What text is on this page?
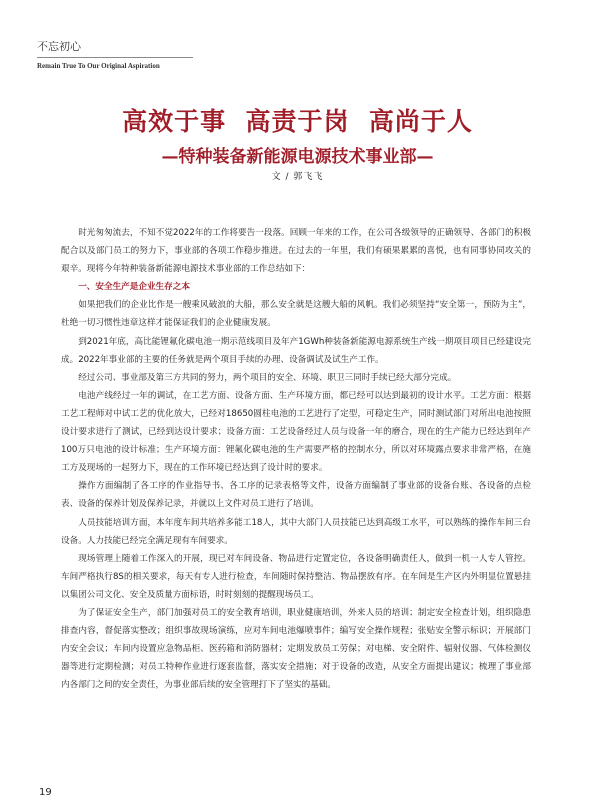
不忘初心
Remain True To Our Original Aspiration
高效于事  高责于岗  高尚于人
—特种装备新能源电源技术事业部—
文 / 郭飞飞

时光匆匆流去，不知不觉2022年的工作将要告一段落。回顾一年来的工作，在公司各级领导的正确领导、各部门的积极配合以及部门员工的努力下，事业部的各项工作稳步推进。在过去的一年里，我们有硕果累累的喜悦，也有同事协同攻关的艰辛。现将今年特种装备新能源电源技术事业部的工作总结如下：

一、安全生产是企业生存之本

如果把我们的企业比作是一艘乘风破浪的大船，那么安全就是这艘大船的风帆。我们必须坚持“安全第一，预防为主”，杜绝一切习惯性违章这样才能保证我们的企业健康发展。

到2021年底，高比能锂氟化碳电池一期示范线项目及年产1GWh种装备新能源电源系统生产线一期项目项目已经建设完成。2022年事业部的主要的任务就是两个项目手续的办理、设备调试及试生产工作。

经过公司、事业部及第三方共同的努力，两个项目的安全、环境、职卫三同时手续已经大部分完成。

电池产线经过一年的调试，在工艺方面、设备方面、生产环境方面，都已经可以达到最初的设计水平。工艺方面：根据工艺工程师对中试工艺的优化放大，已经对18650圆柱电池的工艺进行了定型，可稳定生产，同时测试部门对所出电池按照设计要求进行了测试，已经到达设计要求；设备方面：工艺设备经过人员与设备一年的磨合，现在的生产能力已经达到年产100万只电池的设计标准；生产环境方面：锂氟化碳电池的生产需要严格的控制水分，所以对环境露点要求非常严格，在施工方及现场的一起努力下，现在的工作环境已经达到了设计时的要求。

操作方面编制了各工序的作业指导书、各工序的记录表格等文件，设备方面编制了事业部的设备台账、各设备的点检表、设备的保养计划及保养记录，并就以上文件对员工进行了培训。

人员技能培训方面，本年度车间共培养多能工18人，其中大部门人员技能已达到高级工水平，可以熟练的操作车间三台设备。人力技能已经完全满足现有车间要求。

现场管理上随着工作深入的开展，现已对车间设备、物品进行定置定位，各设备明确责任人，做到一机一人专人管控。车间严格执行8S的相关要求，每天有专人进行检查，车间随时保持整洁、物品摆放有序。在车间是生产区内外明显位置悬挂以集团公司文化、安全及质量方面标语，时时刻刻的提醒现场员工。

为了保证安全生产，部门加强对员工的安全教育培训，职业健康培训，外来人员的培训；制定安全检查计划，组织隐患排查内容，督促落实整改；组织事故现场演练，应对车间电池爆喷事件；编写安全操作规程；张贴安全警示标识；开展部门内安全会议；车间内设置应急物品柜、医药箱和消防器材；定期发放员工劳保；对电梯、安全附件、辐射仪器、气体检测仪器等进行定期检测；对员工特种作业进行逐套监督，落实安全措施；对于设备的改造，从安全方面提出建议；梳理了事业部内各部门之间的安全责任，为事业部后续的安全管理打下了坚实的基础。

19
